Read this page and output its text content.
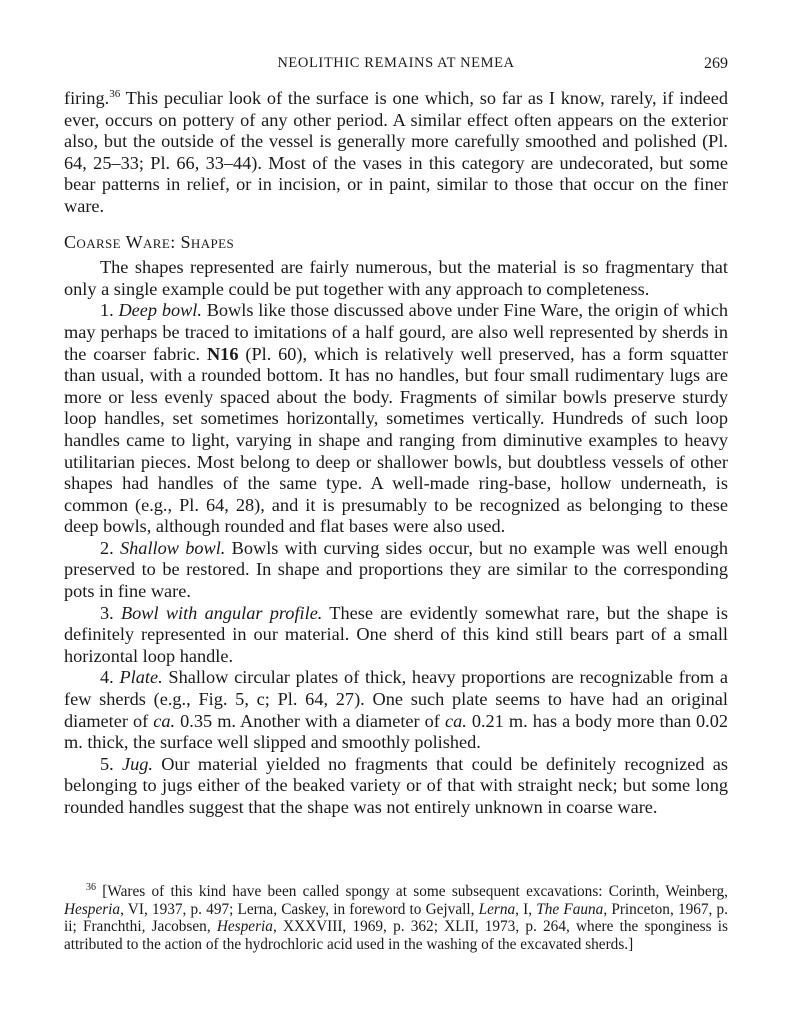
NEOLITHIC REMAINS AT NEMEA	269

firing.$^{36}$ This peculiar look of the surface is one which, so far as I know, rarely, if indeed ever, occurs on pottery of any other period. A similar effect often appears on the exterior also, but the outside of the vessel is generally more carefully smoothed and polished (Pl. 64, 25–33; Pl. 66, 33–44). Most of the vases in this category are undecorated, but some bear patterns in relief, or in incision, or in paint, similar to those that occur on the finer ware.

Coarse Ware: Shapes

The shapes represented are fairly numerous, but the material is so fragmentary that only a single example could be put together with any approach to completeness.

1. Deep bowl. Bowls like those discussed above under Fine Ware, the origin of which may perhaps be traced to imitations of a half gourd, are also well represented by sherds in the coarser fabric. N16 (Pl. 60), which is relatively well preserved, has a form squatter than usual, with a rounded bottom. It has no handles, but four small rudimentary lugs are more or less evenly spaced about the body. Fragments of similar bowls preserve sturdy loop handles, set sometimes horizontally, sometimes vertically. Hundreds of such loop handles came to light, varying in shape and ranging from diminutive examples to heavy utilitarian pieces. Most belong to deep or shallower bowls, but doubtless vessels of other shapes had handles of the same type. A well-made ring-base, hollow underneath, is common (e.g., Pl. 64, 28), and it is presumably to be recognized as belonging to these deep bowls, although rounded and flat bases were also used.

2. Shallow bowl. Bowls with curving sides occur, but no example was well enough preserved to be restored. In shape and proportions they are similar to the corresponding pots in fine ware.

3. Bowl with angular profile. These are evidently somewhat rare, but the shape is definitely represented in our material. One sherd of this kind still bears part of a small horizontal loop handle.

4. Plate. Shallow circular plates of thick, heavy proportions are recognizable from a few sherds (e.g., Fig. 5, c; Pl. 64, 27). One such plate seems to have had an original diameter of ca. 0.35 m. Another with a diameter of ca. 0.21 m. has a body more than 0.02 m. thick, the surface well slipped and smoothly polished.

5. Jug. Our material yielded no fragments that could be definitely recognized as belonging to jugs either of the beaked variety or of that with straight neck; but some long rounded handles suggest that the shape was not entirely unknown in coarse ware.

$^{36}$ [Wares of this kind have been called spongy at some subsequent excavations: Corinth, Weinberg, Hesperia, VI, 1937, p. 497; Lerna, Caskey, in foreword to Gejvall, Lerna, I, The Fauna, Princeton, 1967, p. ii; Franchthi, Jacobsen, Hesperia, XXXVIII, 1969, p. 362; XLII, 1973, p. 264, where the sponginess is attributed to the action of the hydrochloric acid used in the washing of the excavated sherds.]
